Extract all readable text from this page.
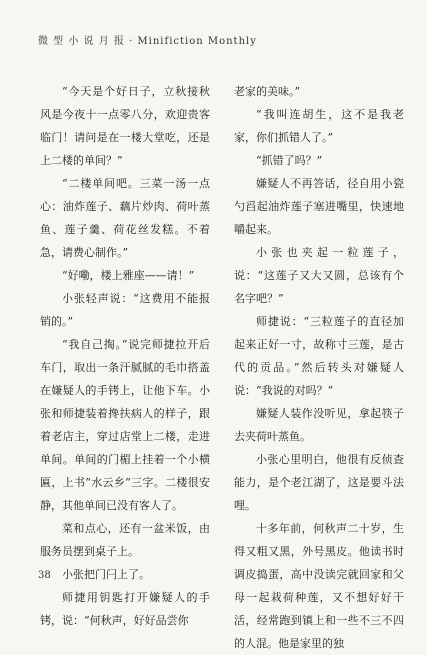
微 型 小 说 月 报 · Minifiction Monthly

“今天是个好日子，立秋接秋风是今夜十一点零八分，欢迎贵客临门！请问是在一楼大堂吃，还是上二楼的单间？”

“二楼单间吧。三菜一汤一点心：油炸莲子、藕片炒肉、荷叶蒸鱼、莲子羹、荷花丝发糕。不着急，请费心制作。”

“好嘞，楼上雅座——请！”

小张轻声说：“这费用不能报销的。”

“我自己掏。”说完师捷拉开后车门，取出一条汗腻腻的毛巾搭盖在嫌疑人的手铐上，让他下车。小张和师捷装着搀扶病人的样子，跟着老店主，穿过店堂上二楼，走进单间。单间的门楣上挂着一个小横匾，上书“水云乡”三字。二楼很安静，其他单间已没有客人了。

菜和点心，还有一盆米饭，由服务员摆到桌子上。

小张把门闩上了。

师捷用钥匙打开嫌疑人的手铐，说：“何秋声，好好品尝你

老家的美味。”

“我叫连胡生，这不是我老家，你们抓错人了。”

“抓错了吗？”

嫌疑人不再答话，径自用小瓷勺舀起油炸莲子塞进嘴里，快速地嚼起来。

小张也夹起一粒莲子，说：“这莲子又大又圆，总该有个名字吧？”

师捷说：“三粒莲子的直径加起来正好一寸，故称寸三莲，是古代的贡品。”然后转头对嫌疑人说：“我说的对吗？”

嫌疑人装作没听见，拿起筷子去夹荷叶蒸鱼。

小张心里明白，他很有反侦查能力，是个老江湖了，这是要斗法哩。

十多年前，何秋声二十岁，生得又粗又黑，外号黑皮。他读书时调皮捣蛋，高中没读完就回家和父母一起栽荷种莲，又不想好好干活，经常跑到镇上和一些不三不四的人混。他是家里的独

38
